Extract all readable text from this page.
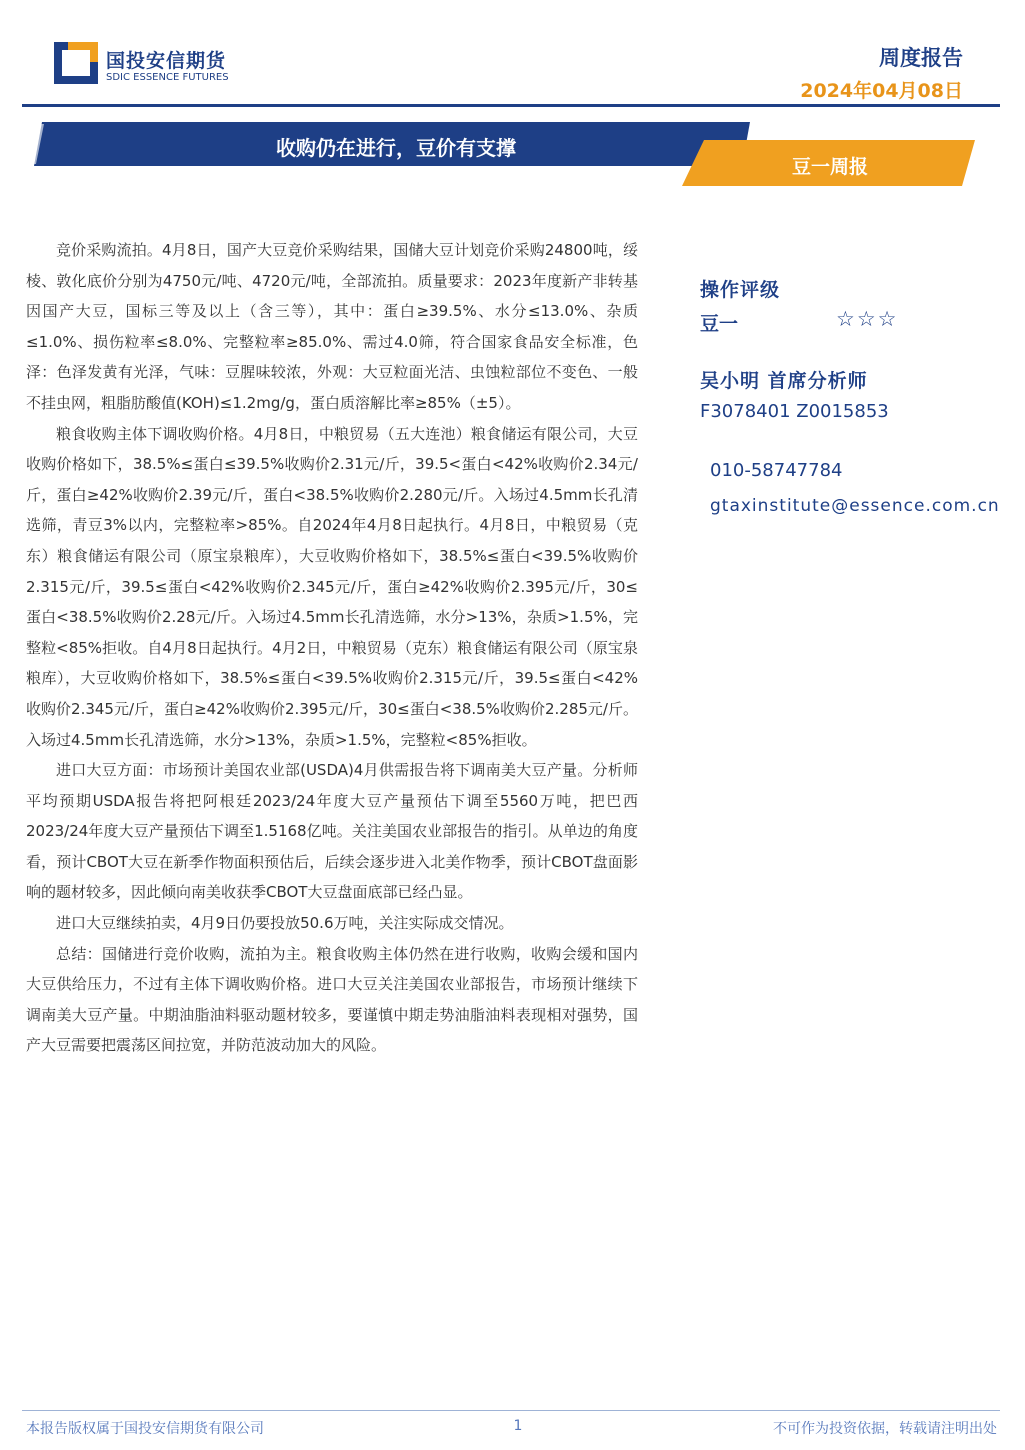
国投安信期货
SDIC ESSENCE FUTURES
周度报告
2024年04月08日
收购仍在进行，豆价有支撑
豆一周报

竞价采购流拍。4月8日，国产大豆竞价采购结果，国储大豆计划竞价采购24800吨，绥棱、敦化底价分别为4750元/吨、4720元/吨，全部流拍。质量要求：2023年度新产非转基因国产大豆，国标三等及以上（含三等），其中：蛋白≥39.5%、水分≤13.0%、杂质≤1.0%、损伤粒率≤8.0%、完整粒率≥85.0%、需过4.0筛，符合国家食品安全标准，色泽：色泽发黄有光泽，气味：豆腥味较浓，外观：大豆粒面光洁、虫蚀粒部位不变色、一般不挂虫网，粗脂肪酸值(KOH)≤1.2mg/g，蛋白质溶解比率≥85%（±5）。

粮食收购主体下调收购价格。4月8日，中粮贸易（五大连池）粮食储运有限公司，大豆收购价格如下，38.5%≤蛋白≤39.5%收购价2.31元/斤，39.5<蛋白<42%收购价2.34元/斤，蛋白≥42%收购价2.39元/斤，蛋白<38.5%收购价2.280元/斤。入场过4.5mm长孔清选筛，青豆3%以内，完整粒率>85%。自2024年4月8日起执行。4月8日，中粮贸易（克东）粮食储运有限公司（原宝泉粮库），大豆收购价格如下，38.5%≤蛋白<39.5%收购价2.315元/斤，39.5≤蛋白<42%收购价2.345元/斤，蛋白≥42%收购价2.395元/斤，30≤蛋白<38.5%收购价2.28元/斤。入场过4.5mm长孔清选筛，水分>13%，杂质>1.5%，完整粒<85%拒收。自4月8日起执行。4月2日，中粮贸易（克东）粮食储运有限公司（原宝泉粮库），大豆收购价格如下，38.5%≤蛋白<39.5%收购价2.315元/斤，39.5≤蛋白<42%收购价2.345元/斤，蛋白≥42%收购价2.395元/斤，30≤蛋白<38.5%收购价2.285元/斤。入场过4.5mm长孔清选筛，水分>13%，杂质>1.5%，完整粒<85%拒收。

进口大豆方面：市场预计美国农业部(USDA)4月供需报告将下调南美大豆产量。分析师平均预期USDA报告将把阿根廷2023/24年度大豆产量预估下调至5560万吨，把巴西2023/24年度大豆产量预估下调至1.5168亿吨。关注美国农业部报告的指引。从单边的角度看，预计CBOT大豆在新季作物面积预估后，后续会逐步进入北美作物季，预计CBOT盘面影响的题材较多，因此倾向南美收获季CBOT大豆盘面底部已经凸显。

进口大豆继续拍卖，4月9日仍要投放50.6万吨，关注实际成交情况。

总结：国储进行竞价收购，流拍为主。粮食收购主体仍然在进行收购，收购会缓和国内大豆供给压力，不过有主体下调收购价格。进口大豆关注美国农业部报告，市场预计继续下调南美大豆产量。中期油脂油料驱动题材较多，要谨慎中期走势油脂油料表现相对强势，国产大豆需要把震荡区间拉宽，并防范波动加大的风险。

操作评级
豆一	☆☆☆
吴小明 首席分析师
F3078401 Z0015853
010-58747784
gtaxinstitute@essence.com.cn
本报告版权属于国投安信期货有限公司	1	不可作为投资依据，转载请注明出处
